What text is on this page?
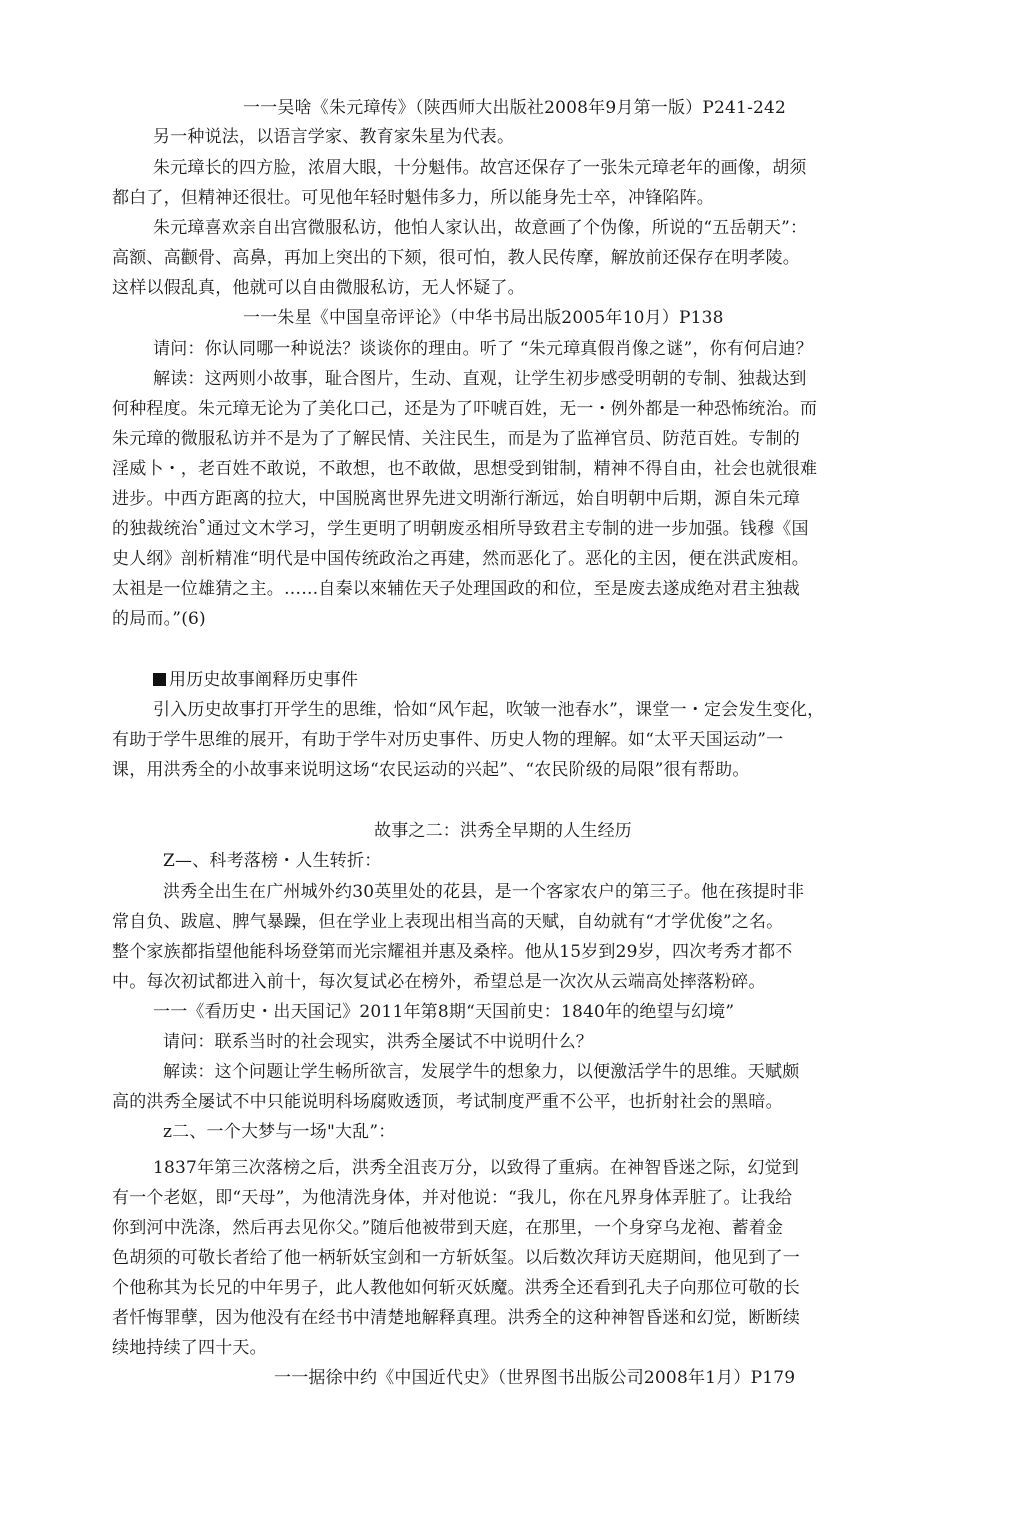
一一吴啥《朱元璋传》（陕西师大出版社2008年9月第一版）P241-242
另一种说法，以语言学家、教育家朱星为代表。
朱元璋长的四方脸，浓眉大眼，十分魁伟。故宫还保存了一张朱元璋老年的画像，胡须
都白了，但精神还很壮。可见他年轻时魁伟多力，所以能身先士卒，冲锋陷阵。
朱元璋喜欢亲自出宫微服私访，他怕人家认出，故意画了个伪像，所说的“五岳朝天”：
高额、高颧骨、高鼻，再加上突出的下颏，很可怕，教人民传摩，解放前还保存在明孝陵。
这样以假乱真，他就可以自由微服私访，无人怀疑了。
一一朱星《中国皇帝评论》（中华书局出版2005年10月）P138
请问：你认同哪一种说法？谈谈你的理由。听了 “朱元璋真假肖像之谜”，你有何启迪？
解读：这两则小故事，耻合图片，生动、直观，让学生初步感受明朝的专制、独裁达到
何种程度。朱元璋无论为了美化口己，还是为了吓唬百姓，无一・例外都是一种恐怖统治。而
朱元璋的微服私访并不是为了了解民情、关注民生，而是为了监禅官员、防范百姓。专制的
淫威卜・，老百姓不敢说，不敢想，也不敢做，思想受到钳制，精神不得自由，社会也就很难
进步。中西方距离的拉大，中国脱离世界先进文明渐行渐远，始自明朝中后期，源自朱元璋
的独裁统治˚通过文木学习，学生更明了明朝废丞相所导致君主专制的进一步加强。钱穆《国
史人纲》剖析精准“明代是中国传统政治之再建，然而恶化了。恶化的主因，便在洪武废相。
太祖是一位雄猜之主。……自秦以來辅佐天子处理国政的和位，至是废去遂成绝对君主独裁
的局而。”(6)
用历史故事阐释历史事件
引入历史故事打开学生的思维，恰如“风乍起，吹皱一池春水”，课堂一・定会发生变化，
有助于学牛思维的展开，有助于学牛对历史事件、历史人物的理解。如“太平天国运动”一
课，用洪秀全的小故事来说明这场“农民运动的兴起”、“农民阶级的局限”很有帮助。
故事之二：洪秀全早期的人生经历
Z—、科考落榜・人生转折：
洪秀全出生在广州城外约30英里处的花县，是一个客家农户的第三子。他在孩提时非
常自负、跋扈、脾气暴躁，但在学业上表现出相当高的天赋，自幼就有“才学优俊”之名。
整个家族都指望他能科场登第而光宗耀祖并惠及桑梓。他从15岁到29岁，四次考秀才都不
中。每次初试都进入前十，每次复试必在榜外，希望总是一次次从云端高处摔落粉碎。
一一《看历史・出天国记》2011年第8期“天国前史：1840年的绝望与幻境”
请问：联系当时的社会现实，洪秀全屡试不中说明什么？
解读：这个问题让学生畅所欲言，发展学牛的想象力，以便激活学牛的思维。天赋颇
高的洪秀全屡试不中只能说明科场腐败透顶，考试制度严重不公平，也折射社会的黑暗。
z二、一个大梦与一场"大乱”：
1837年第三次落榜之后，洪秀全沮丧万分，以致得了重病。在神智昏迷之际，幻觉到
有一个老妪，即“天母”，为他清洗身体，并对他说：“我儿，你在凡界身体弄脏了。让我给
你到河中洗涤，然后再去见你父。”随后他被带到天庭，在那里，一个身穿乌龙袍、蓄着金
色胡须的可敬长者给了他一柄斩妖宝剑和一方斩妖玺。以后数次拜访天庭期间，他见到了一
个他称其为长兄的中年男子，此人教他如何斩灭妖魔。洪秀全还看到孔夫子向那位可敬的长
者忏悔罪孽，因为他没有在经书中清楚地解释真理。洪秀全的这种神智昏迷和幻觉，断断续
续地持续了四十天。
一一据徐中约《中国近代史》（世界图书出版公司2008年1月）P179
